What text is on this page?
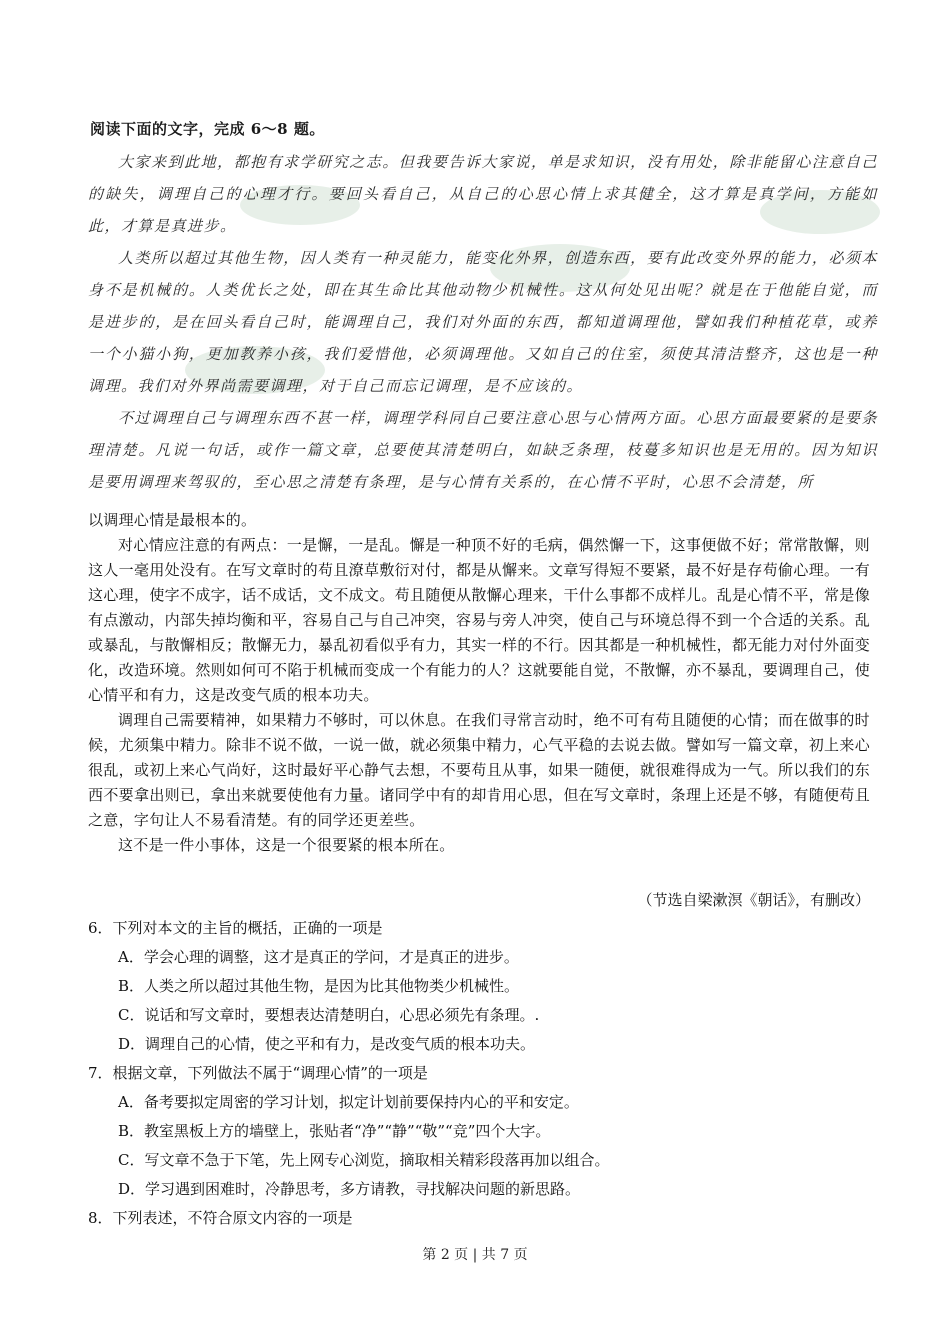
阅读下面的文字，完成 6～8 题。

大家来到此地，都抱有求学研究之志。但我要告诉大家说，单是求知识，没有用处，除非能留心注意自己的缺失，调理自己的心理才行。要回头看自己，从自己的心思心情上求其健全，这才算是真学问，方能如此，才算是真进步。

人类所以超过其他生物，因人类有一种灵能力，能变化外界，创造东西，要有此改变外界的能力，必须本身不是机械的。人类优长之处，即在其生命比其他动物少机械性。这从何处见出呢？就是在于他能自觉，而是进步的，是在回头看自己时，能调理自己，我们对外面的东西，都知道调理他，譬如我们种植花草，或养一个小猫小狗，更加教养小孩，我们爱惜他，必须调理他。又如自己的住室，须使其清洁整齐，这也是一种调理。我们对外界尚需要调理，对于自己而忘记调理，是不应该的。

不过调理自己与调理东西不甚一样，调理学科同自己要注意心思与心情两方面。心思方面最要紧的是要条理清楚。凡说一句话，或作一篇文章，总要使其清楚明白，如缺乏条理，枝蔓多知识也是无用的。因为知识是要用调理来驾驭的，至心思之清楚有条理，是与心情有关系的，在心情不平时，心思不会清楚，所

以调理心情是最根本的。

对心情应注意的有两点：一是懈，一是乱。懈是一种顶不好的毛病，偶然懈一下，这事便做不好；常常散懈，则这人一毫用处没有。在写文章时的苟且潦草敷衍对付，都是从懈来。文章写得短不要紧，最不好是存苟偷心理。一有这心理，使字不成字，话不成话，文不成文。苟且随便从散懈心理来，干什么事都不成样儿。乱是心情不平，常是像有点激动，内部失掉均衡和平，容易自己与自己冲突，容易与旁人冲突，使自己与环境总得不到一个合适的关系。乱或暴乱，与散懈相反；散懈无力，暴乱初看似乎有力，其实一样的不行。因其都是一种机械性，都无能力对付外面变化，改造环境。然则如何可不陷于机械而变成一个有能力的人？这就要能自觉，不散懈，亦不暴乱，要调理自己，使心情平和有力，这是改变气质的根本功夫。

调理自己需要精神，如果精力不够时，可以休息。在我们寻常言动时，绝不可有苟且随便的心情；而在做事的时候，尤须集中精力。除非不说不做，一说一做，就必须集中精力，心气平稳的去说去做。譬如写一篇文章，初上来心很乱，或初上来心气尚好，这时最好平心静气去想，不要苟且从事，如果一随便，就很难得成为一气。所以我们的东西不要拿出则已，拿出来就要使他有力量。诸同学中有的却肯用心思，但在写文章时，条理上还是不够，有随便苟且之意，字句让人不易看清楚。有的同学还更差些。

这不是一件小事体，这是一个很要紧的根本所在。

（节选自梁漱溟《朝话》，有删改）
6．下列对本文的主旨的概括，正确的一项是
A．学会心理的调整，这才是真正的学问，才是真正的进步。
B．人类之所以超过其他生物，是因为比其他物类少机械性。
C．说话和写文章时，要想表达清楚明白，心思必须先有条理。.
D．调理自己的心情，使之平和有力，是改变气质的根本功夫。
7．根据文章，下列做法不属于“调理心情”的一项是
A．备考要拟定周密的学习计划，拟定计划前要保持内心的平和安定。
B．教室黑板上方的墙壁上，张贴者“净”“静”“敬”“竞”四个大字。
C．写文章不急于下笔，先上网专心浏览，摘取相关精彩段落再加以组合。
D．学习遇到困难时，冷静思考，多方请教，寻找解决问题的新思路。
8．下列表述，不符合原文内容的一项是
第 2 页 | 共 7 页
